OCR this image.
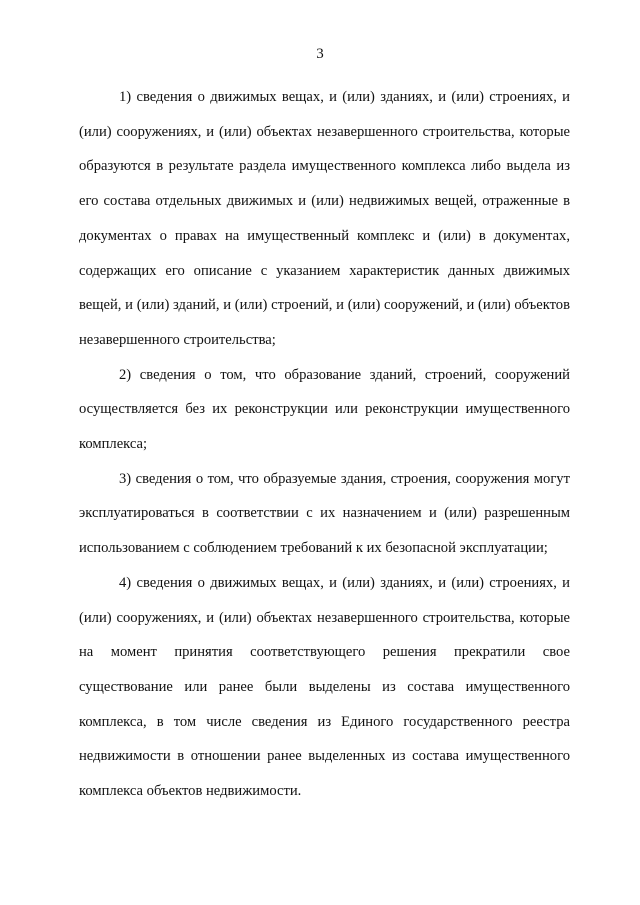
3

1) сведения о движимых вещах, и (или) зданиях, и (или) строениях, и (или) сооружениях, и (или) объектах незавершенного строительства, которые образуются в результате раздела имущественного комплекса либо выдела из его состава отдельных движимых и (или) недвижимых вещей, отраженные в документах о правах на имущественный комплекс и (или) в документах, содержащих его описание с указанием характеристик данных движимых вещей, и (или) зданий, и (или) строений, и (или) сооружений, и (или) объектов незавершенного строительства;

2) сведения о том, что образование зданий, строений, сооружений осуществляется без их реконструкции или реконструкции имущественного комплекса;

3) сведения о том, что образуемые здания, строения, сооружения могут эксплуатироваться в соответствии с их назначением и (или) разрешенным использованием с соблюдением требований к их безопасной эксплуатации;

4) сведения о движимых вещах, и (или) зданиях, и (или) строениях, и (или) сооружениях, и (или) объектах незавершенного строительства, которые на момент принятия соответствующего решения прекратили свое существование или ранее были выделены из состава имущественного комплекса, в том числе сведения из Единого государственного реестра недвижимости в отношении ранее выделенных из состава имущественного комплекса объектов недвижимости.
